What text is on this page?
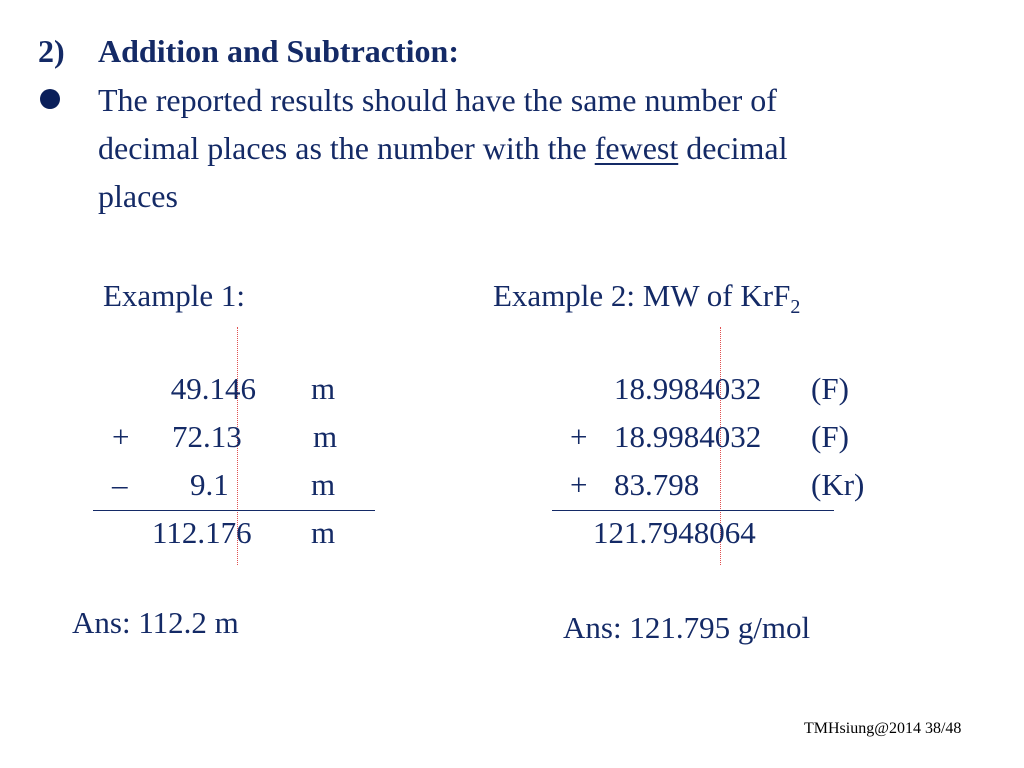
2) Addition and Subtraction:
The reported results should have the same number of
decimal places as the number with the fewest decimal
places
Example 1:
49.146 m
+ 72.13 m
– 9.1	m
112.176 m
Ans: 112.2 m
Example 2: MW of KrF$_2$
18.9984032 (F)
+ 18.9984032 (F)
+ 83.798	(Kr)
121.7948064
Ans: 121.795 g/mol
TMHsiung@2014 38/48
